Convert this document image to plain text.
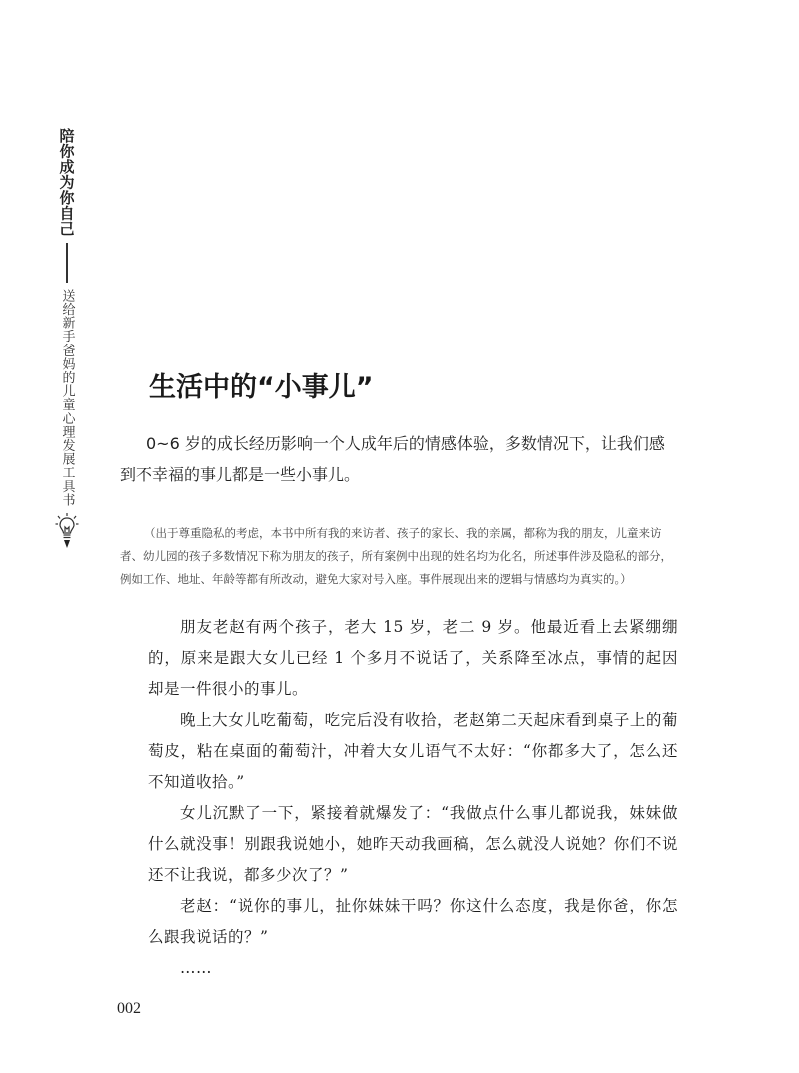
陪你成为你自己
送给新手爸妈的儿童心理发展工具书	生活中的“小事儿”

0~6 岁的成长经历影响一个人成年后的情感体验，多数情况下，让我们感到不幸福的事儿都是一些小事儿。

（出于尊重隐私的考虑，本书中所有我的来访者、孩子的家长、我的亲属，都称为我的朋友，儿童来访者、幼儿园的孩子多数情况下称为朋友的孩子，所有案例中出现的姓名均为化名，所述事件涉及隐私的部分，例如工作、地址、年龄等都有所改动，避免大家对号入座。事件展现出来的逻辑与情感均为真实的。）

朋友老赵有两个孩子，老大 15 岁，老二 9 岁。他最近看上去紧绷绷的，原来是跟大女儿已经 1 个多月不说话了，关系降至冰点，事情的起因却是一件很小的事儿。

晚上大女儿吃葡萄，吃完后没有收拾，老赵第二天起床看到桌子上的葡萄皮，粘在桌面的葡萄汁，冲着大女儿语气不太好：“你都多大了，怎么还不知道收拾。”

女儿沉默了一下，紧接着就爆发了：“我做点什么事儿都说我，妹妹做什么就没事！别跟我说她小，她昨天动我画稿，怎么就没人说她？你们不说还不让我说，都多少次了？”

老赵：“说你的事儿，扯你妹妹干吗？你这什么态度，我是你爸，你怎么跟我说话的？”

……

002
